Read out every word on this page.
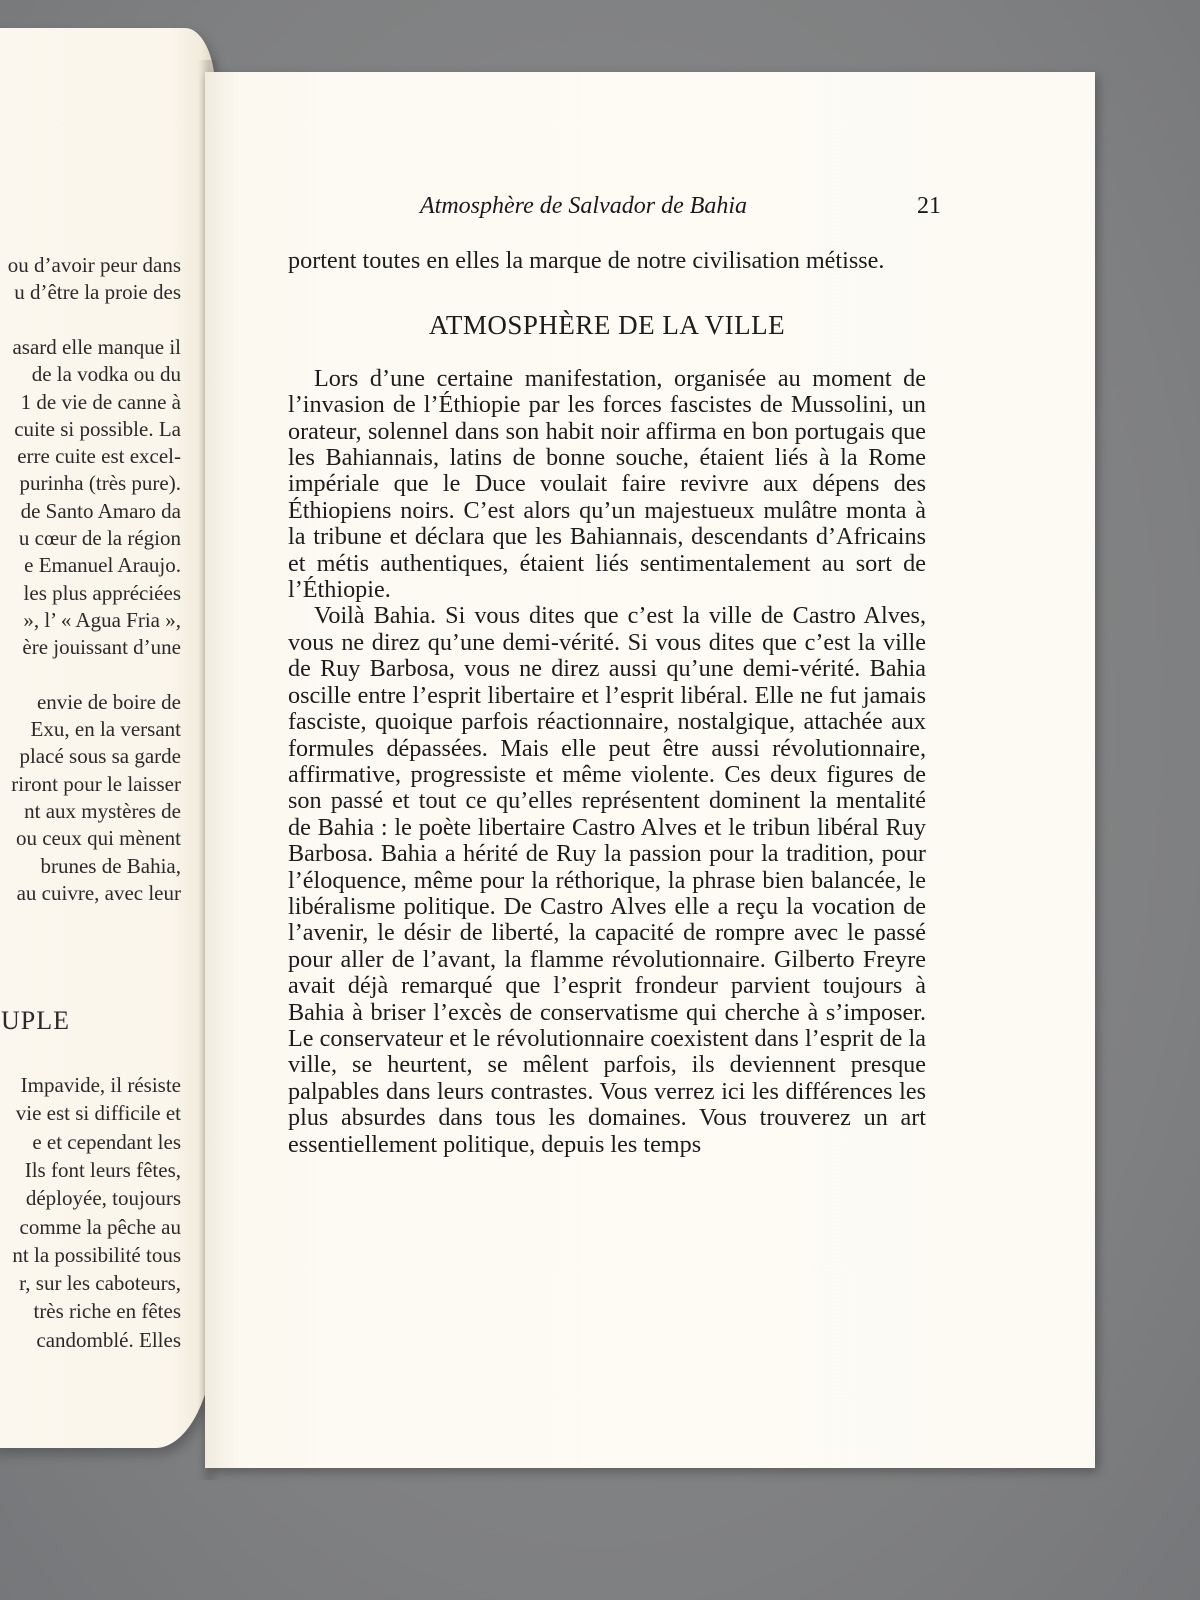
ou d’avoir peur dans
u d’être la proie des
asard elle manque il
de la vodka ou du
1 de vie de canne à
cuite si possible. La
erre cuite est excel-
purinha (très pure).
de Santo Amaro da
u cœur de la région
e Emanuel Araujo.
les plus appréciées
», l’ « Agua Fria »,
ère jouissant d’une
envie de boire de
Exu, en la versant
placé sous sa garde
riront pour le laisser
nt aux mystères de
ou ceux qui mènent
brunes de Bahia,
au cuivre, avec leur
Impavide, il résiste
vie est si difficile et
e et cependant les
Ils font leurs fêtes,
déployée, toujours
comme la pêche au
nt la possibilité tous
r, sur les caboteurs,
très riche en fêtes
candomblé. Elles
UPLE
Atmosphère de Salvador de Bahia	21

portent toutes en elles la marque de notre civilisation métisse.

ATMOSPHÈRE DE LA VILLE

Lors d’une certaine manifestation, organisée au moment de l’invasion de l’Éthiopie par les forces fascistes de Mussolini, un orateur, solennel dans son habit noir affirma en bon portugais que les Bahiannais, latins de bonne souche, étaient liés à la Rome impériale que le Duce voulait faire revivre aux dépens des Éthiopiens noirs. C’est alors qu’un majestueux mulâtre monta à la tribune et déclara que les Bahiannais, descendants d’Africains et métis authentiques, étaient liés sentimentalement au sort de l’Éthiopie.

Voilà Bahia. Si vous dites que c’est la ville de Castro Alves, vous ne direz qu’une demi-vérité. Si vous dites que c’est la ville de Ruy Barbosa, vous ne direz aussi qu’une demi-vérité. Bahia oscille entre l’esprit libertaire et l’esprit libéral. Elle ne fut jamais fasciste, quoique parfois réactionnaire, nostalgique, attachée aux formules dépassées. Mais elle peut être aussi révolutionnaire, affirmative, progressiste et même violente. Ces deux figures de son passé et tout ce qu’elles représentent dominent la mentalité de Bahia : le poète libertaire Castro Alves et le tribun libéral Ruy Barbosa. Bahia a hérité de Ruy la passion pour la tradition, pour l’éloquence, même pour la réthorique, la phrase bien balancée, le libéralisme politique. De Castro Alves elle a reçu la vocation de l’avenir, le désir de liberté, la capacité de rompre avec le passé pour aller de l’avant, la flamme révolutionnaire. Gilberto Freyre avait déjà remarqué que l’esprit frondeur parvient toujours à Bahia à briser l’excès de conservatisme qui cherche à s’imposer. Le conservateur et le révolutionnaire coexistent dans l’esprit de la ville, se heurtent, se mêlent parfois, ils deviennent presque palpables dans leurs contrastes. Vous verrez ici les différences les plus absurdes dans tous les domaines. Vous trouverez un art essentiellement politique, depuis les temps
